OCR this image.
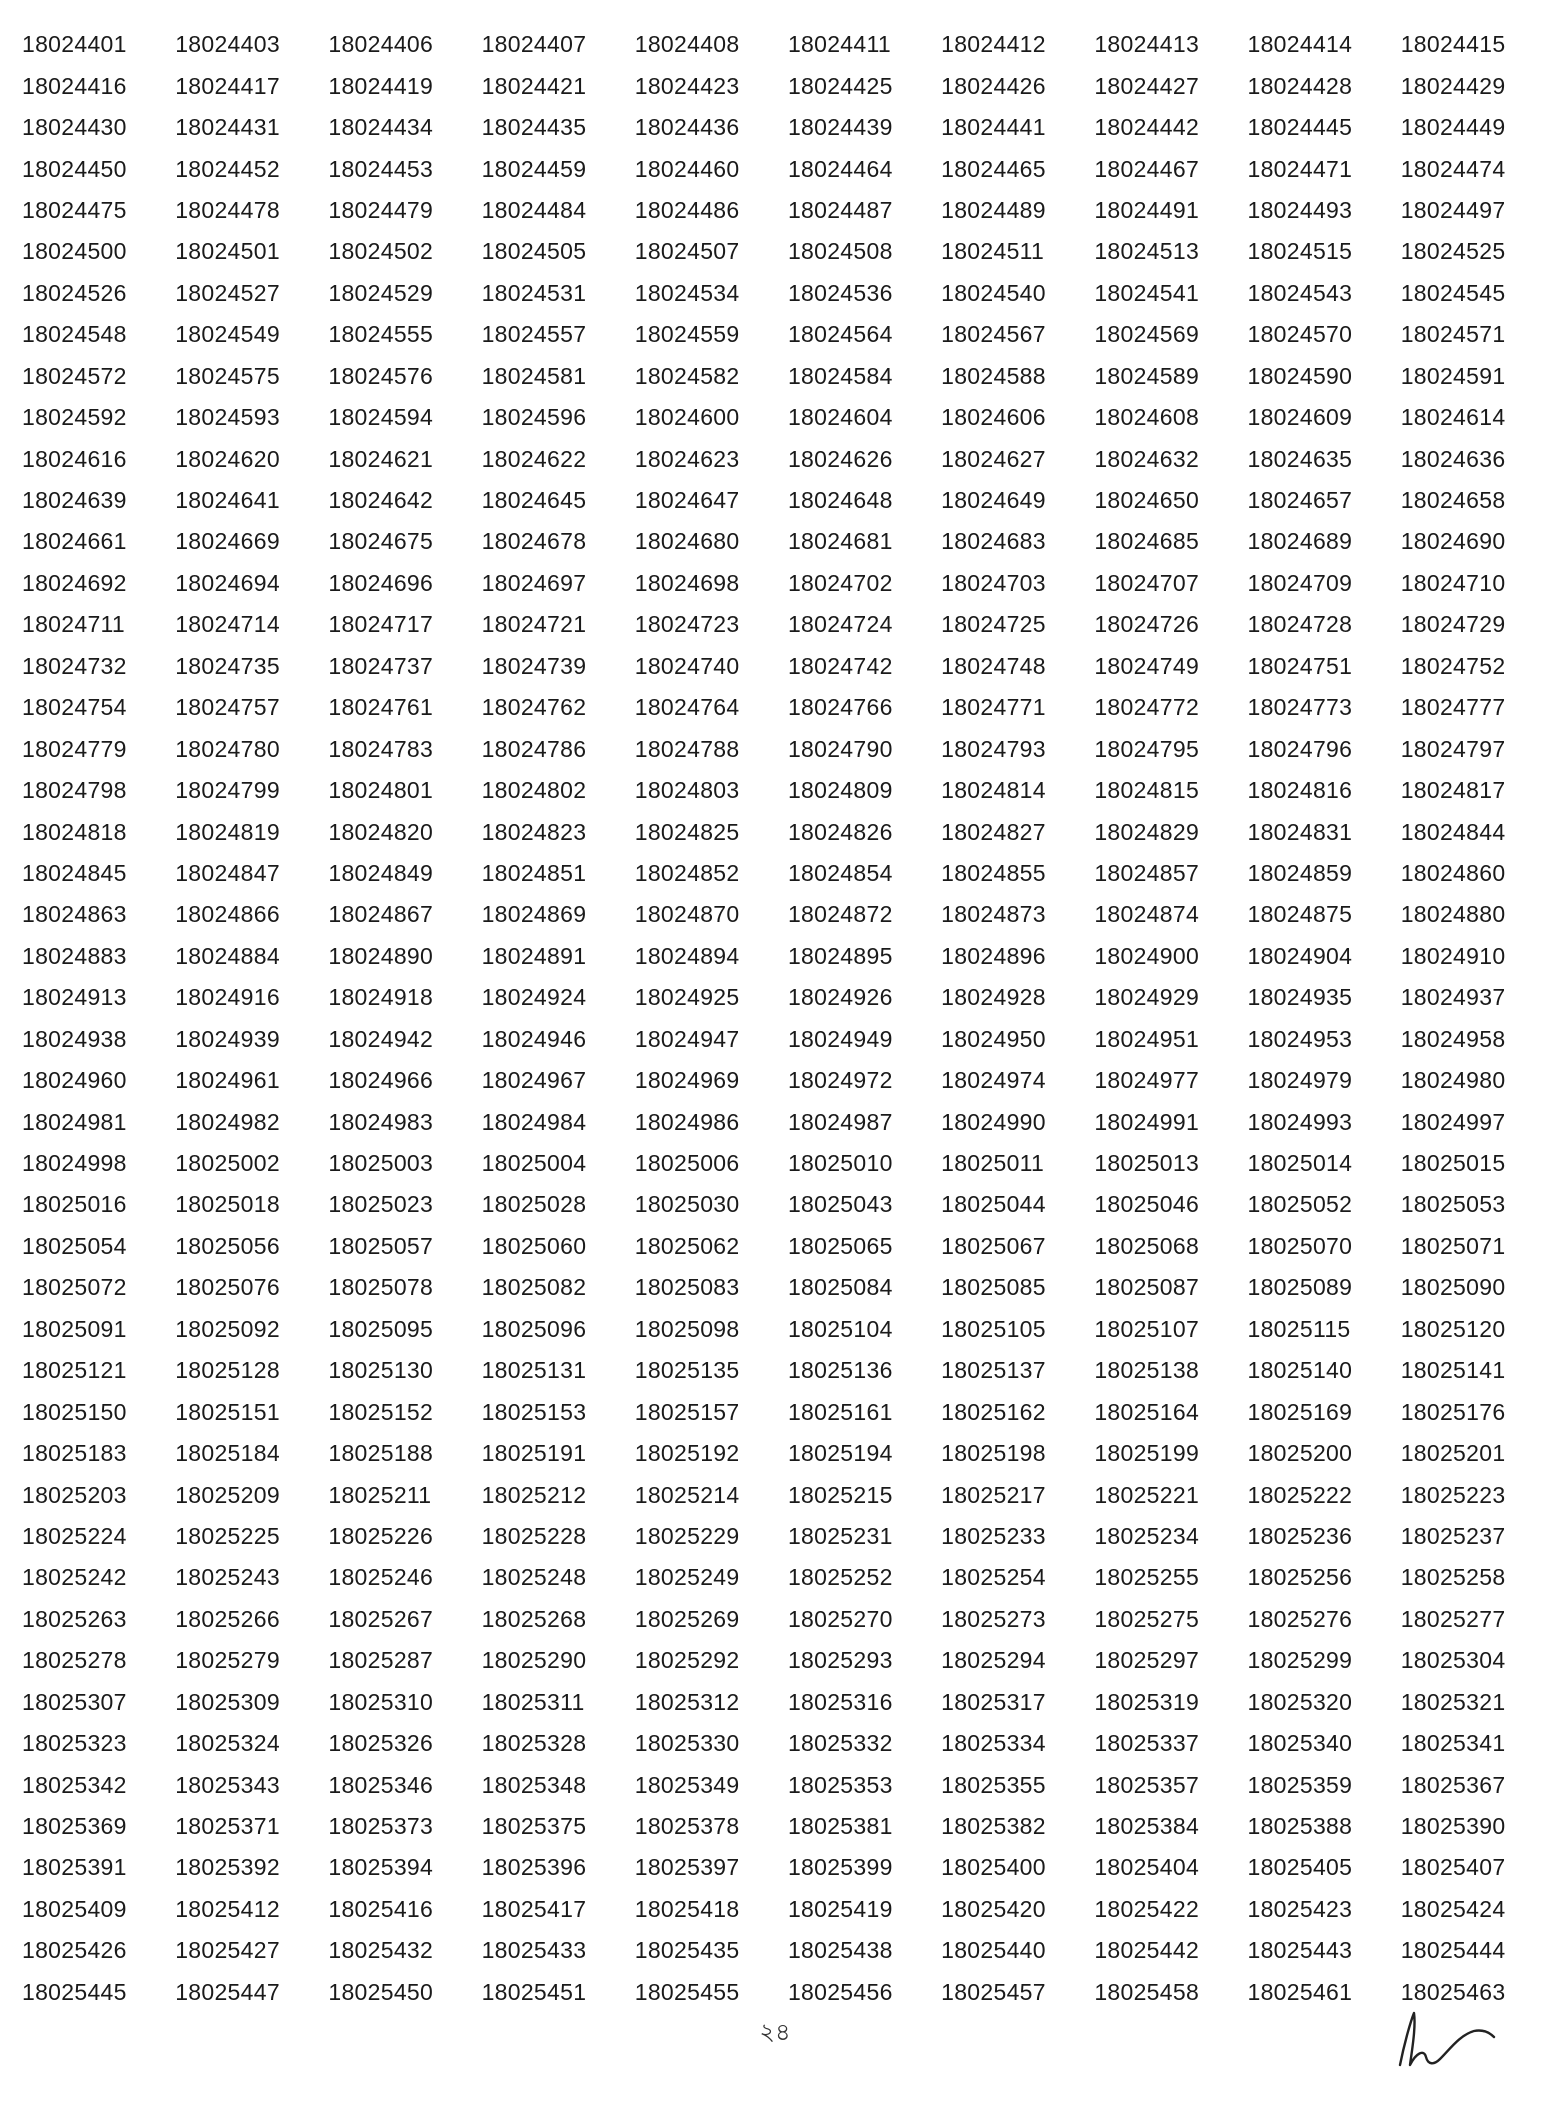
18024401	18024403	18024406	18024407	18024408	18024411	18024412	18024413	18024414	18024415
18024416	18024417	18024419	18024421	18024423	18024425	18024426	18024427	18024428	18024429
18024430	18024431	18024434	18024435	18024436	18024439	18024441	18024442	18024445	18024449
18024450	18024452	18024453	18024459	18024460	18024464	18024465	18024467	18024471	18024474
18024475	18024478	18024479	18024484	18024486	18024487	18024489	18024491	18024493	18024497
18024500	18024501	18024502	18024505	18024507	18024508	18024511	18024513	18024515	18024525
18024526	18024527	18024529	18024531	18024534	18024536	18024540	18024541	18024543	18024545
18024548	18024549	18024555	18024557	18024559	18024564	18024567	18024569	18024570	18024571
18024572	18024575	18024576	18024581	18024582	18024584	18024588	18024589	18024590	18024591
18024592	18024593	18024594	18024596	18024600	18024604	18024606	18024608	18024609	18024614
18024616	18024620	18024621	18024622	18024623	18024626	18024627	18024632	18024635	18024636
18024639	18024641	18024642	18024645	18024647	18024648	18024649	18024650	18024657	18024658
18024661	18024669	18024675	18024678	18024680	18024681	18024683	18024685	18024689	18024690
18024692	18024694	18024696	18024697	18024698	18024702	18024703	18024707	18024709	18024710
18024711	18024714	18024717	18024721	18024723	18024724	18024725	18024726	18024728	18024729
18024732	18024735	18024737	18024739	18024740	18024742	18024748	18024749	18024751	18024752
18024754	18024757	18024761	18024762	18024764	18024766	18024771	18024772	18024773	18024777
18024779	18024780	18024783	18024786	18024788	18024790	18024793	18024795	18024796	18024797
18024798	18024799	18024801	18024802	18024803	18024809	18024814	18024815	18024816	18024817
18024818	18024819	18024820	18024823	18024825	18024826	18024827	18024829	18024831	18024844
18024845	18024847	18024849	18024851	18024852	18024854	18024855	18024857	18024859	18024860
18024863	18024866	18024867	18024869	18024870	18024872	18024873	18024874	18024875	18024880
18024883	18024884	18024890	18024891	18024894	18024895	18024896	18024900	18024904	18024910
18024913	18024916	18024918	18024924	18024925	18024926	18024928	18024929	18024935	18024937
18024938	18024939	18024942	18024946	18024947	18024949	18024950	18024951	18024953	18024958
18024960	18024961	18024966	18024967	18024969	18024972	18024974	18024977	18024979	18024980
18024981	18024982	18024983	18024984	18024986	18024987	18024990	18024991	18024993	18024997
18024998	18025002	18025003	18025004	18025006	18025010	18025011	18025013	18025014	18025015
18025016	18025018	18025023	18025028	18025030	18025043	18025044	18025046	18025052	18025053
18025054	18025056	18025057	18025060	18025062	18025065	18025067	18025068	18025070	18025071
18025072	18025076	18025078	18025082	18025083	18025084	18025085	18025087	18025089	18025090
18025091	18025092	18025095	18025096	18025098	18025104	18025105	18025107	18025115	18025120
18025121	18025128	18025130	18025131	18025135	18025136	18025137	18025138	18025140	18025141
18025150	18025151	18025152	18025153	18025157	18025161	18025162	18025164	18025169	18025176
18025183	18025184	18025188	18025191	18025192	18025194	18025198	18025199	18025200	18025201
18025203	18025209	18025211	18025212	18025214	18025215	18025217	18025221	18025222	18025223
18025224	18025225	18025226	18025228	18025229	18025231	18025233	18025234	18025236	18025237
18025242	18025243	18025246	18025248	18025249	18025252	18025254	18025255	18025256	18025258
18025263	18025266	18025267	18025268	18025269	18025270	18025273	18025275	18025276	18025277
18025278	18025279	18025287	18025290	18025292	18025293	18025294	18025297	18025299	18025304
18025307	18025309	18025310	18025311	18025312	18025316	18025317	18025319	18025320	18025321
18025323	18025324	18025326	18025328	18025330	18025332	18025334	18025337	18025340	18025341
18025342	18025343	18025346	18025348	18025349	18025353	18025355	18025357	18025359	18025367
18025369	18025371	18025373	18025375	18025378	18025381	18025382	18025384	18025388	18025390
18025391	18025392	18025394	18025396	18025397	18025399	18025400	18025404	18025405	18025407
18025409	18025412	18025416	18025417	18025418	18025419	18025420	18025422	18025423	18025424
18025426	18025427	18025432	18025433	18025435	18025438	18025440	18025442	18025443	18025444
18025445	18025447	18025450	18025451	18025455	18025456	18025457	18025458	18025461	18025463
২৪
